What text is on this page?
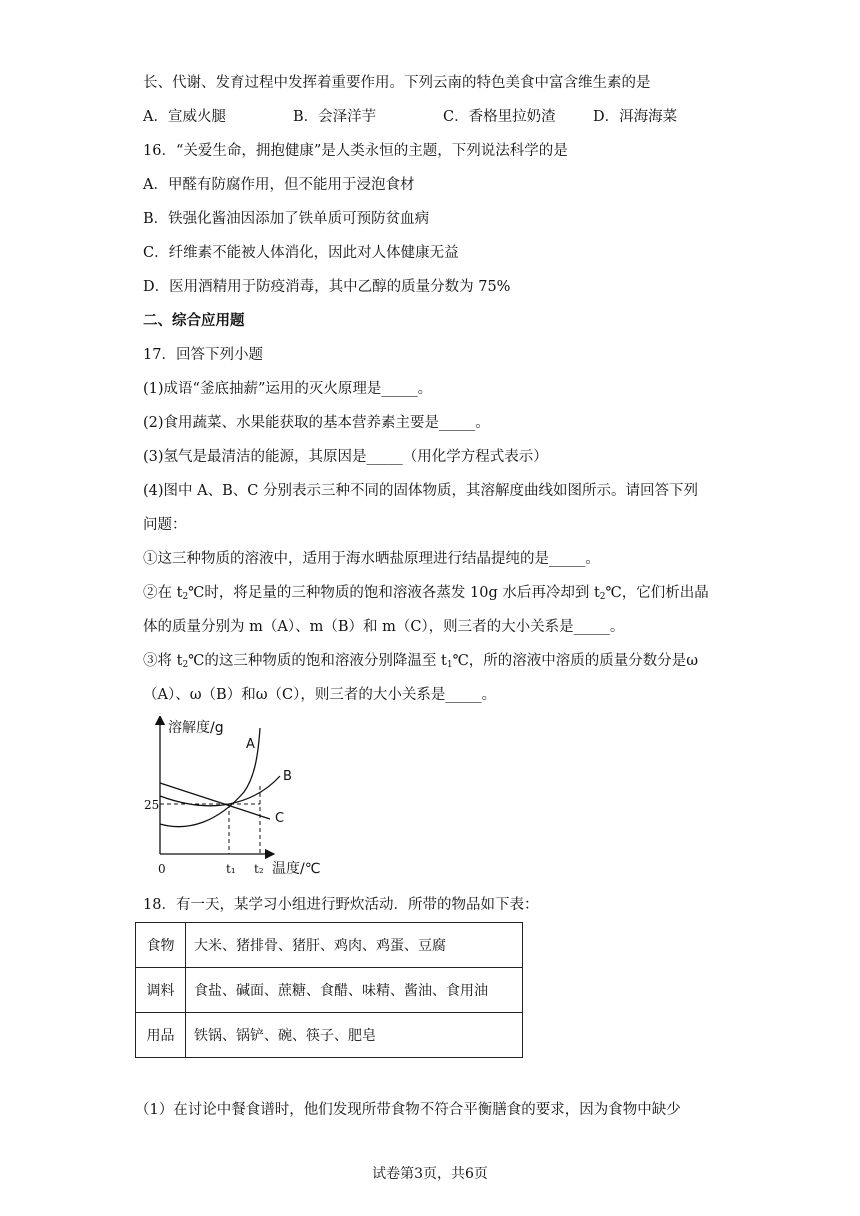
长、代谢、发育过程中发挥着重要作用。下列云南的特色美食中富含维生素的是
A．宣威火腿	B．会泽洋芋	C．香格里拉奶渣	D．洱海海菜
16．“关爱生命，拥抱健康”是人类永恒的主题，下列说法科学的是
A．甲醛有防腐作用，但不能用于浸泡食材
B．铁强化酱油因添加了铁单质可预防贫血病
C．纤维素不能被人体消化，因此对人体健康无益
D．医用酒精用于防疫消毒，其中乙醇的质量分数为 75%
二、综合应用题
17．回答下列小题
(1)成语“釜底抽薪”运用的灭火原理是_____。
(2)食用蔬菜、水果能获取的基本营养素主要是_____。
(3)氢气是最清洁的能源，其原因是_____（用化学方程式表示）
(4)图中 A、B、C 分别表示三种不同的固体物质，其溶解度曲线如图所示。请回答下列
问题：
①这三种物质的溶液中，适用于海水晒盐原理进行结晶提纯的是_____。
②在 $t_2℃$时，将足量的三种物质的饱和溶液各蒸发 10g 水后再冷却到 $t_2℃$，它们析出晶
体的质量分别为 m（A）、m（B）和 m（C），则三者的大小关系是_____。
③将 $t_2℃$的这三种物质的饱和溶液分别降温至 $t_1℃$，所的溶液中溶质的质量分数分是ω
（A）、ω（B）和ω（C），则三者的大小关系是_____。
溶解度/g
温度/℃
0
25
t₁ t₂
A
B
C
18．有一天，某学习小组进行野炊活动．所带的物品如下表：
食物	大米、猪排骨、猪肝、鸡肉、鸡蛋、豆腐
调料	食盐、碱面、蔗糖、食醋、味精、酱油、食用油
用品	铁锅、锅铲、碗、筷子、肥皂
（1）在讨论中餐食谱时，他们发现所带食物不符合平衡膳食的要求，因为食物中缺少
试卷第3页，共6页
